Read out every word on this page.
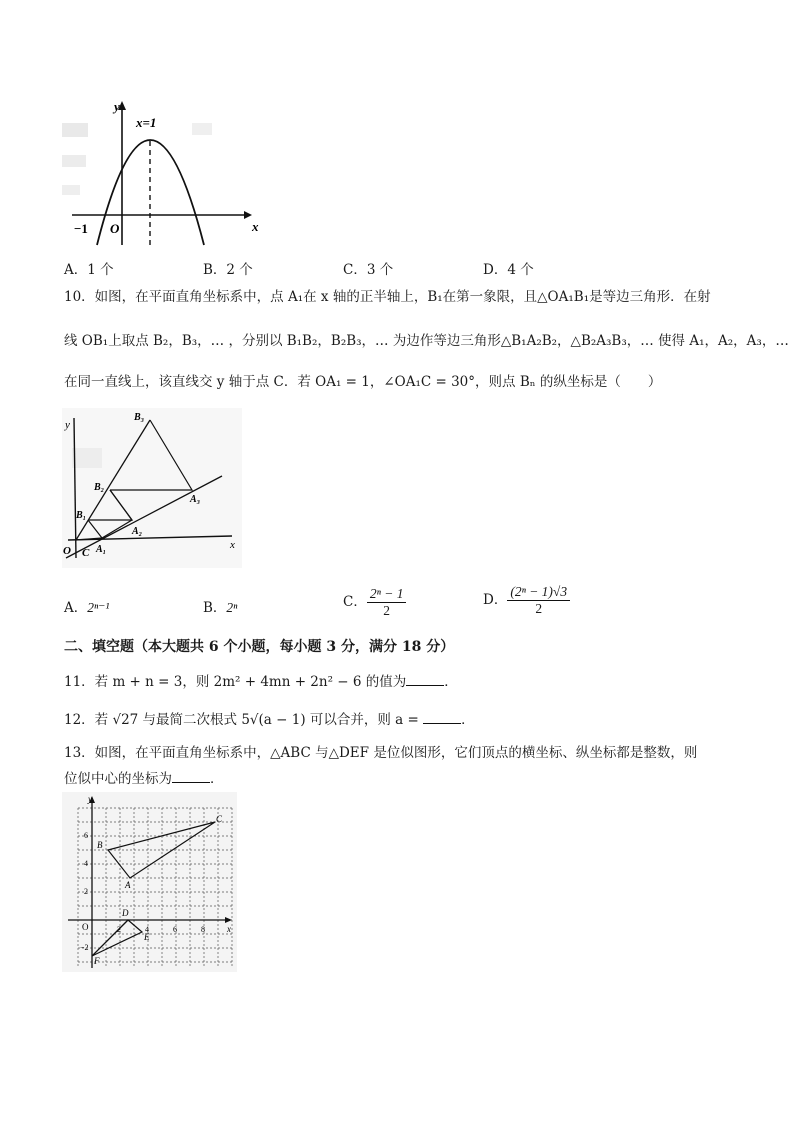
y
x
x=1
−1 O
A．1 个	B．2 个	C．3 个	D．4 个
10．如图，在平面直角坐标系中，点 A₁在 x 轴的正半轴上，B₁在第一象限，且△OA₁B₁是等边三角形．在射
线 OB₁上取点 B₂，B₃，… ，分别以 B₁B₂，B₂B₃，… 为边作等边三角形△B₁A₂B₂，△B₂A₃B₃，… 使得 A₁，A₂，A₃，…
在同一直线上，该直线交 y 轴于点 C．若 OA₁ = 1，∠OA₁C = 30°，则点 Bₙ 的纵坐标是（　　）
x
y
O C A₁
A₂
A₃
B₁
B₂
B₃
A．2ⁿ⁻¹	B．2ⁿ	C． $\frac{\text{2ⁿ − 1}}{2}$	D． $\frac{\text{(2ⁿ − 1)√3}}{2}$
二、填空题（本大题共 6 个小题，每小题 3 分，满分 18 分）
11．若 m + n = 3，则 2m² + 4mn + 2n² − 6 的值为	．
12．若 √27 与最简二次根式 5√(a − 1) 可以合并，则 a =	．
13．如图，在平面直角坐标系中，△ABC 与△DEF 是位似图形，它们顶点的横坐标、纵坐标都是整数，则
位似中心的坐标为	．
y
x
O
6
4
2
−2
2	4	6	8
A
B
C
D
E
F
